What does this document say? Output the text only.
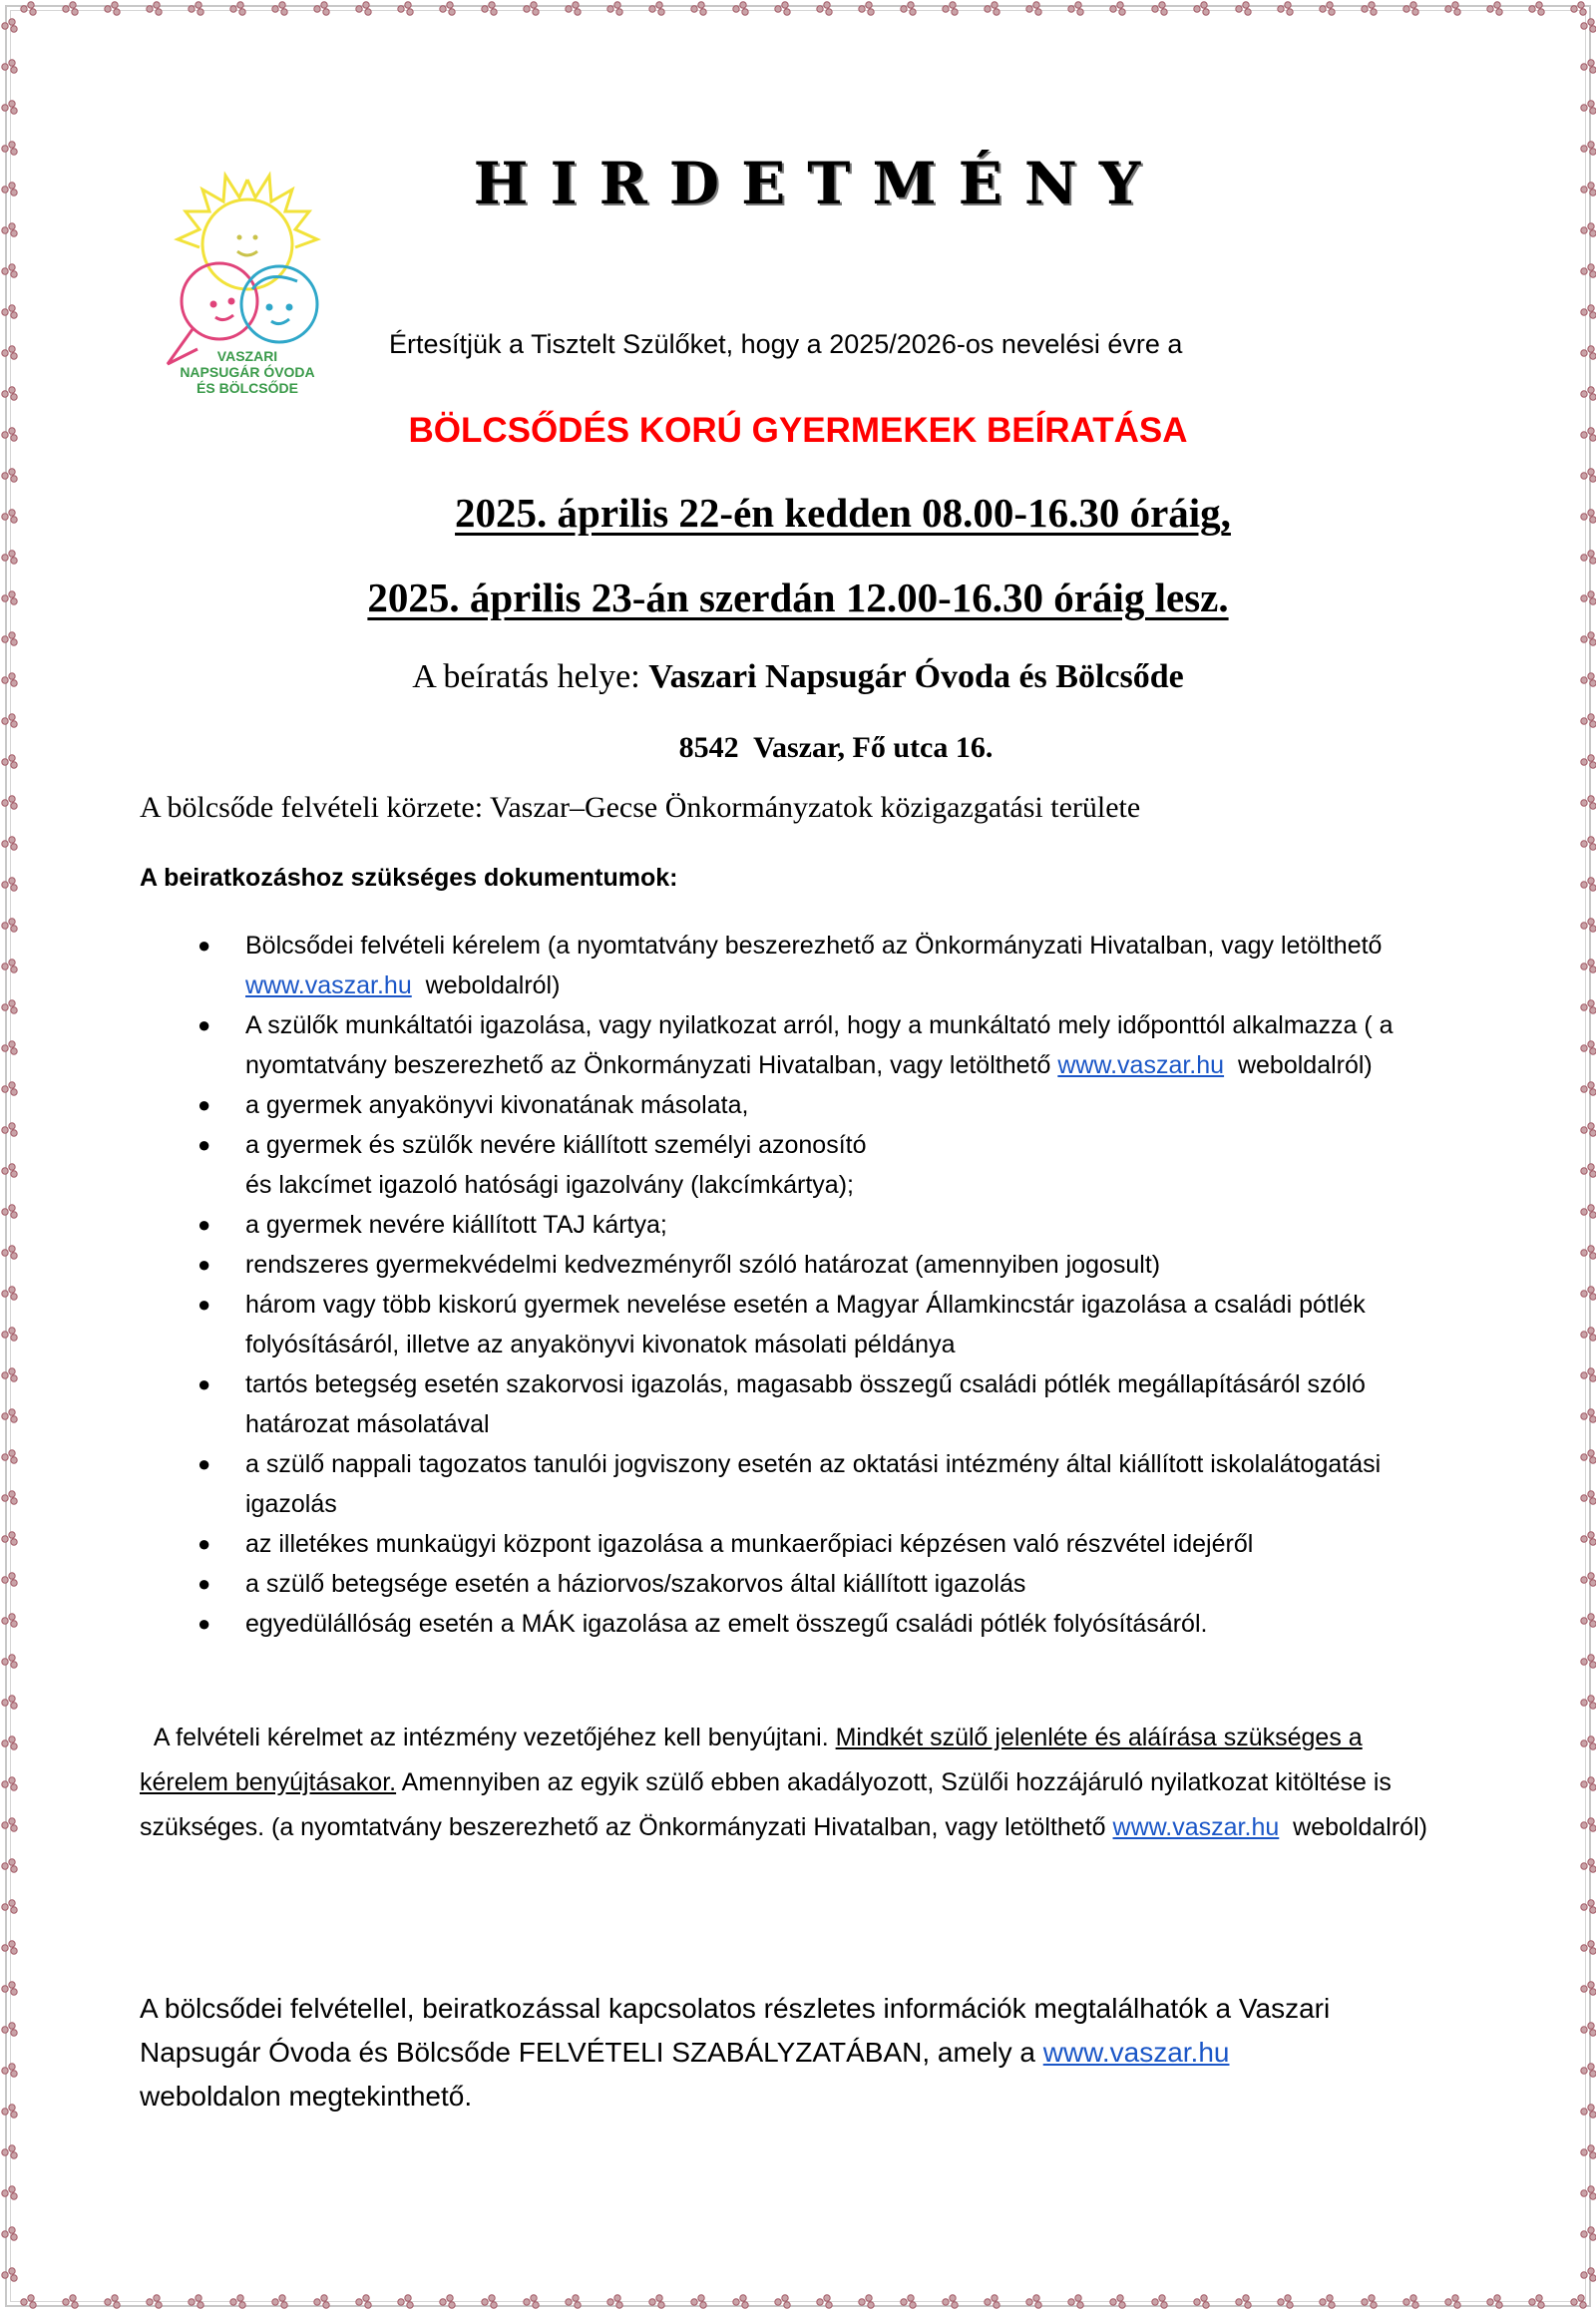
VASZARI
NAPSUGÁR ÓVODA
ÉS BÖLCSŐDE
HIRDETMÉNY
Értesítjük a Tisztelt Szülőket, hogy a 2025/2026-os nevelési évre a
BÖLCSŐDÉS KORÚ GYERMEKEK BEÍRATÁSA
2025. április 22-én kedden 08.00-16.30 óráig,
2025. április 23-án szerdán 12.00-16.30 óráig lesz.
A beíratás helye: Vaszari Napsugár Óvoda és Bölcsőde
8542  Vaszar, Fő utca 16.
A bölcsőde felvételi körzete: Vaszar–Gecse Önkormányzatok közigazgatási területe
A beiratkozáshoz szükséges dokumentumok:
● Bölcsődei felvételi kérelem (a nyomtatvány beszerezhető az Önkormányzati Hivatalban, vagy letölthető www.vaszar.hu  weboldalról)
● A szülők munkáltatói igazolása, vagy nyilatkozat arról, hogy a munkáltató mely időponttól alkalmazza ( a nyomtatvány beszerezhető az Önkormányzati Hivatalban, vagy letölthető www.vaszar.hu  weboldalról)
● a gyermek anyakönyvi kivonatának másolata,
● a gyermek és szülők nevére kiállított személyi azonosító
és lakcímet igazoló hatósági igazolvány (lakcímkártya);
● a gyermek nevére kiállított TAJ kártya;
● rendszeres gyermekvédelmi kedvezményről szóló határozat (amennyiben jogosult)
● három vagy több kiskorú gyermek nevelése esetén a Magyar Államkincstár igazolása a családi pótlék folyósításáról, illetve az anyakönyvi kivonatok másolati példánya
● tartós betegség esetén szakorvosi igazolás, magasabb összegű családi pótlék megállapításáról szóló határozat másolatával
● a szülő nappali tagozatos tanulói jogviszony esetén az oktatási intézmény által kiállított iskolalátogatási igazolás
● az illetékes munkaügyi központ igazolása a munkaerőpiaci képzésen való részvétel idejéről
● a szülő betegsége esetén a háziorvos/szakorvos által kiállított igazolás
● egyedülállóság esetén a MÁK igazolása az emelt összegű családi pótlék folyósításáról.
A felvételi kérelmet az intézmény vezetőjéhez kell benyújtani. Mindkét szülő jelenléte és aláírása szükséges a kérelem benyújtásakor. Amennyiben az egyik szülő ebben akadályozott, Szülői hozzájáruló nyilatkozat kitöltése is szükséges. (a nyomtatvány beszerezhető az Önkormányzati Hivatalban, vagy letölthető www.vaszar.hu  weboldalról)
A bölcsődei felvétellel, beiratkozással kapcsolatos részletes információk megtalálhatók a Vaszari Napsugár Óvoda és Bölcsőde FELVÉTELI SZABÁLYZATÁBAN, amely a www.vaszar.hu
weboldalon megtekinthető.
